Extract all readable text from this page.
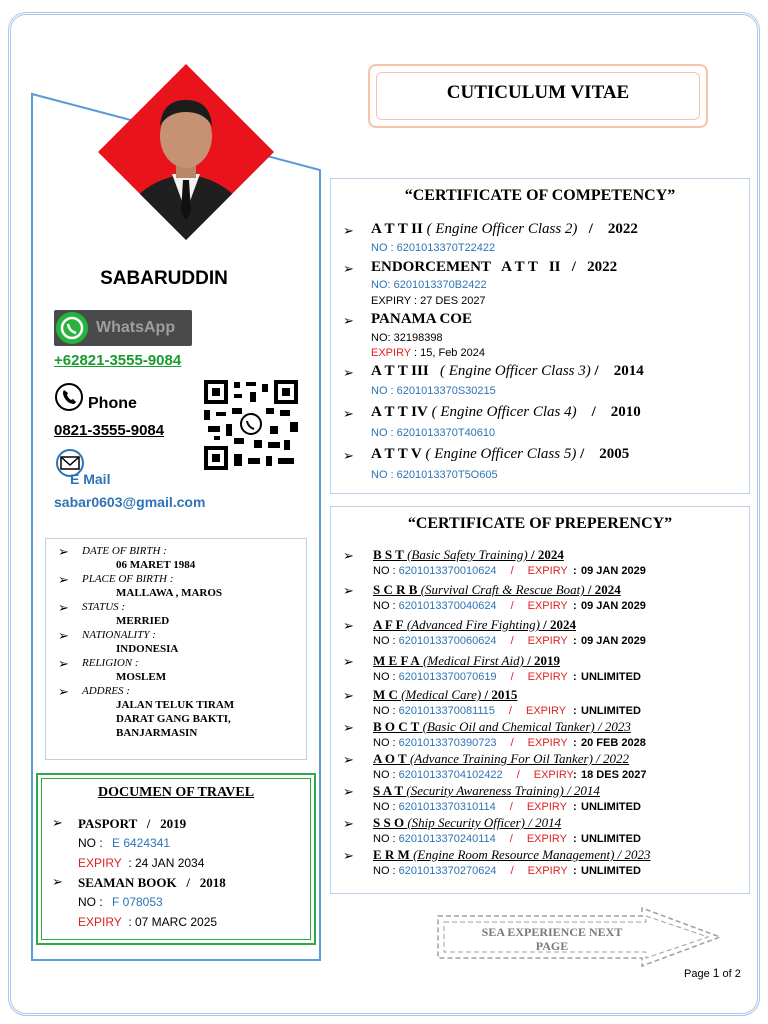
SABARUDDIN
WhatsApp
+62821-3555-9084
Phone
0821-3555-9084
E Mail
sabar0603@gmail.com
➢ DATE OF BIRTH :
06 MARET 1984
➢ PLACE OF BIRTH :
MALLAWA , MAROS
➢ STATUS :
MERRIED
➢ NATIONALITY :
INDONESIA
➢ RELIGION :
MOSLEM
➢ ADDRES :
JALAN TELUK TIRAM
DARAT GANG BAKTI,
BANJARMASIN
DOCUMEN OF TRAVEL
➢ PASPORT   /   2019
NO : E 6424341
EXPIRY : 24 JAN 2034
➢ SEAMAN BOOK   /   2018
NO : F 078053
EXPIRY : 07 MARC 2025
CUTICULUM VITAE
“CERTIFICATE OF COMPETENCY”
➢ A T T II ( Engine Officer Class 2)   /    2022
NO : 6201013370T22422
➢ ENDORCEMENT   A T T   II   /   2022
NO: 6201013370B2422
EXPIRY : 27 DES 2027
➢ PANAMA COE
NO: 32198398
EXPIRY : 15, Feb 2024
➢ A T T III   ( Engine Officer Class 3) /    2014
NO : 6201013370S30215
➢ A T T IV ( Engine Officer Clas 4)    /    2010
NO : 6201013370T40610
➢ A T T V ( Engine Officer Class 5) /    2005
NO : 6201013370T5O605
“CERTIFICATE OF PREPERENCY”
➢ B S T (Basic Safety Training) / 2024
NO : 6201013370010624 / EXPIRY 09 JAN 2029
:
➢ S C R B (Survival Craft & Rescue Boat) / 2024
NO : 6201013370040624 / EXPIRY 09 JAN 2029
:
➢ A F F (Advanced Fire Fighting) / 2024
NO : 6201013370060624 / EXPIRY 09 JAN 2029
:
➢ M E F A (Medical First Aid) / 2019
NO : 6201013370070619 / EXPIRY UNLIMITED
:
➢ M C (Medical Care) / 2015
NO : 6201013370081115 / EXPIRY UNLIMITED
:
➢ B O C T (Basic Oil and Chemical Tanker) / 2023
NO : 6201013370390723 / EXPIRY 20 FEB 2028
:
➢ A O T (Advance Training For Oil Tanker) / 2022
NO : 62010133704102422 / EXPIRY 18 DES 2027
:
➢ S A T (Security Awareness Training) / 2014
NO : 6201013370310114 / EXPIRY UNLIMITED
:
➢ S S O (Ship Security Officer) / 2014
NO : 6201013370240114 / EXPIRY UNLIMITED
:
➢ E R M (Engine Room Resource Management) / 2023
NO : 6201013370270624 / EXPIRY UNLIMITED
:
SEA EXPERIENCE NEXT
PAGE
Page 1 of 2
